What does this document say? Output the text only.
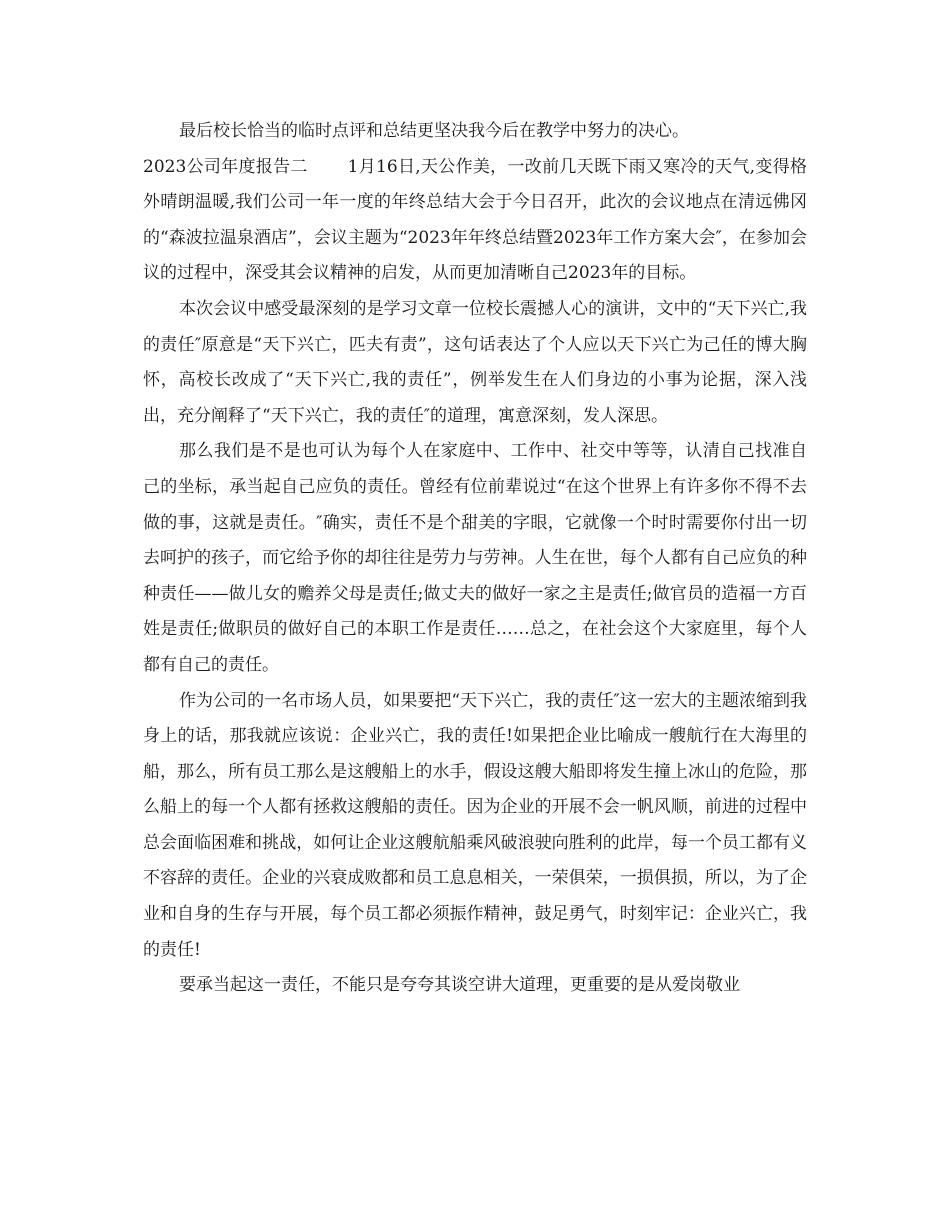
最后校长恰当的临时点评和总结更坚决我今后在教学中努力的决心。

2023公司年度报告二 1月16日,天公作美，一改前几天既下雨又寒冷的天气,变得格外晴朗温暖,我们公司一年一度的年终总结大会于今日召开，此次的会议地点在清远佛冈的“森波拉温泉酒店”，会议主题为“2023年年终总结暨2023年工作方案大会″，在参加会议的过程中，深受其会议精神的启发，从而更加清晰自己2023年的目标。

本次会议中感受最深刻的是学习文章一位校长震撼人心的演讲，文中的“天下兴亡,我的责任″原意是“天下兴亡，匹夫有责”，这句话表达了个人应以天下兴亡为己任的博大胸怀，高校长改成了“天下兴亡,我的责任”，例举发生在人们身边的小事为论据，深入浅出，充分阐释了“天下兴亡，我的责任″的道理，寓意深刻，发人深思。

那么我们是不是也可认为每个人在家庭中、工作中、社交中等等，认清自己找准自己的坐标，承当起自己应负的责任。曾经有位前辈说过“在这个世界上有许多你不得不去做的事，这就是责任。″确实，责任不是个甜美的字眼，它就像一个时时需要你付出一切去呵护的孩子，而它给予你的却往往是劳力与劳神。人生在世，每个人都有自己应负的种种责任——做儿女的赡养父母是责任;做丈夫的做好一家之主是责任;做官员的造福一方百姓是责任;做职员的做好自己的本职工作是责任……总之，在社会这个大家庭里，每个人都有自己的责任。

作为公司的一名市场人员，如果要把“天下兴亡，我的责任″这一宏大的主题浓缩到我身上的话，那我就应该说：企业兴亡，我的责任!如果把企业比喻成一艘航行在大海里的船，那么，所有员工那么是这艘船上的水手，假设这艘大船即将发生撞上冰山的危险，那么船上的每一个人都有拯救这艘船的责任。因为企业的开展不会一帆风顺，前进的过程中总会面临困难和挑战，如何让企业这艘航船乘风破浪驶向胜利的此岸，每一个员工都有义不容辞的责任。企业的兴衰成败都和员工息息相关，一荣俱荣，一损俱损，所以，为了企业和自身的生存与开展，每个员工都必须振作精神，鼓足勇气，时刻牢记：企业兴亡，我的责任!

要承当起这一责任，不能只是夸夸其谈空讲大道理，更重要的是从爱岗敬业
